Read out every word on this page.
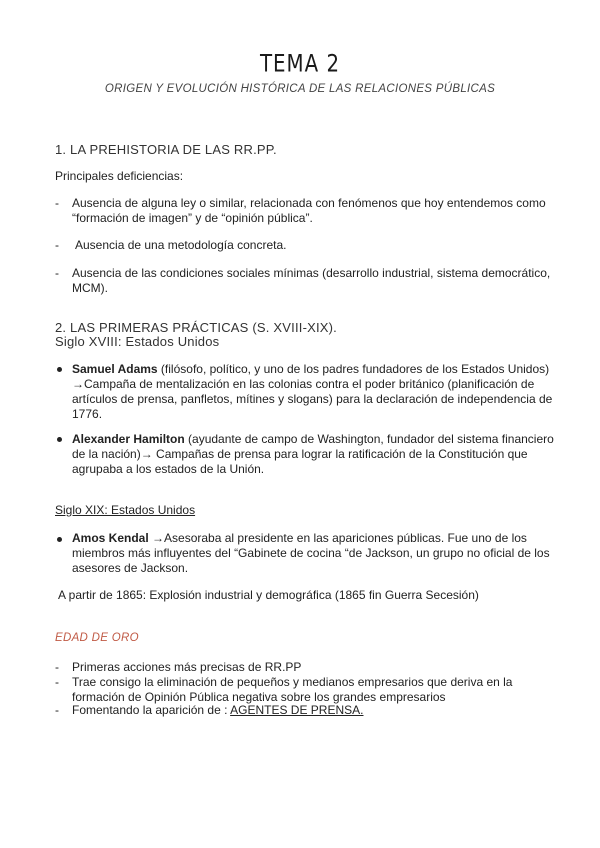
TEMA 2
ORIGEN Y EVOLUCIÓN HISTÓRICA DE LAS RELACIONES PÚBLICAS
1. LA PREHISTORIA DE LAS RR.PP.
Principales deficiencias:
- Ausencia de alguna ley o similar, relacionada con fenómenos que hoy entendemos como “formación de imagen” y de “opinión pública”.
- Ausencia de una metodología concreta.
- Ausencia de las condiciones sociales mínimas (desarrollo industrial, sistema democrático, MCM).
2. LAS PRIMERAS PRÁCTICAS (S. XVIII-XIX).
Siglo XVIII: Estados Unidos
Samuel Adams (filósofo, político, y uno de los padres fundadores de los Estados Unidos) →Campaña de mentalización en las colonias contra el poder británico (planificación de artículos de prensa, panfletos, mítines y slogans) para la declaración de independencia de 1776.
Alexander Hamilton (ayudante de campo de Washington, fundador del sistema financiero de la nación)→ Campañas de prensa para lograr la ratificación de la Constitución que agrupaba a los estados de la Unión.
Siglo XIX: Estados Unidos
Amos Kendal →Asesoraba al presidente en las apariciones públicas. Fue uno de los miembros más influyentes del “Gabinete de cocina “de Jackson, un grupo no oficial de los asesores de Jackson.
A partir de 1865: Explosión industrial y demográfica (1865 fin Guerra Secesión)
EDAD DE ORO
- Primeras acciones más precisas de RR.PP
- Trae consigo la eliminación de pequeños y medianos empresarios que deriva en la formación de Opinión Pública negativa sobre los grandes empresarios
- Fomentando la aparición de : AGENTES DE PRENSA.
